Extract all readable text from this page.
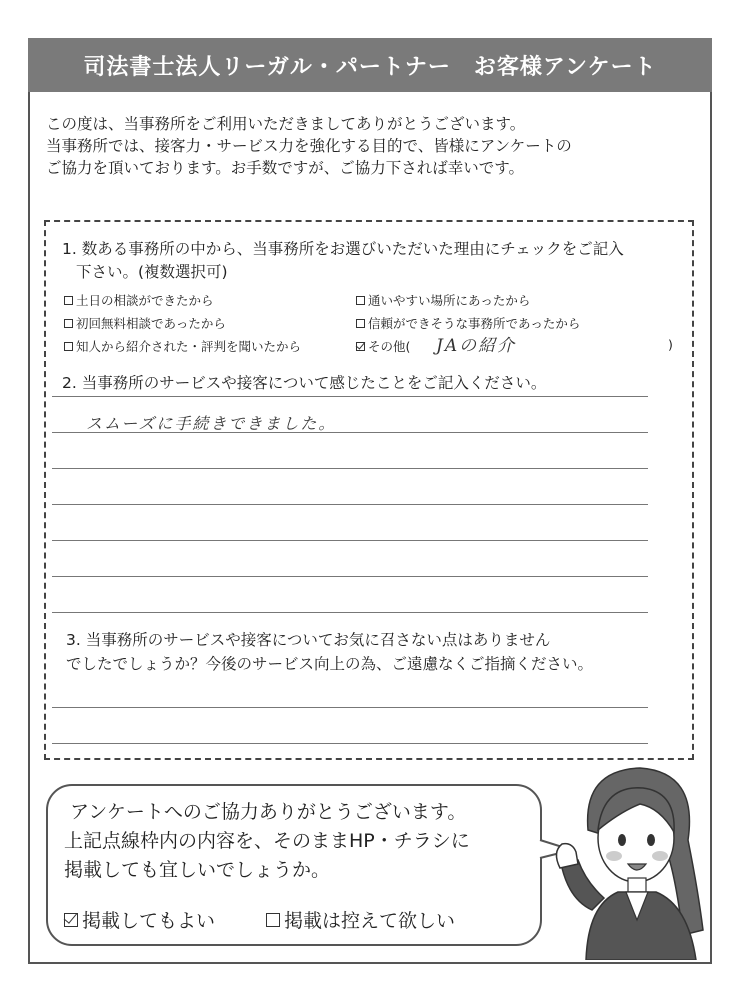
司法書士法人リーガル・パートナー　お客様アンケート
この度は、当事務所をご利用いただきましてありがとうございます。
当事務所では、接客力・サービス力を強化する目的で、皆様にアンケートの
ご協力を頂いております。お手数ですが、ご協力下されば幸いです。
1. 数ある事務所の中から、当事務所をお選びいただいた理由にチェックをご記入
下さい。(複数選択可)
土日の相談ができたから	通いやすい場所にあったから
初回無料相談であったから	信頼ができそうな事務所であったから
知人から紹介された・評判を聞いたから	その他( JAの紹介	)
2. 当事務所のサービスや接客について感じたことをご記入ください。
スムーズに手続きできました。
3. 当事務所のサービスや接客についてお気に召さない点はありません
でしたでしょうか？今後のサービス向上の為、ご遠慮なくご指摘ください。
アンケートへのご協力ありがとうございます。
上記点線枠内の内容を、そのままHP・チラシに
掲載しても宜しいでしょうか。
掲載してもよい	掲載は控えて欲しい
